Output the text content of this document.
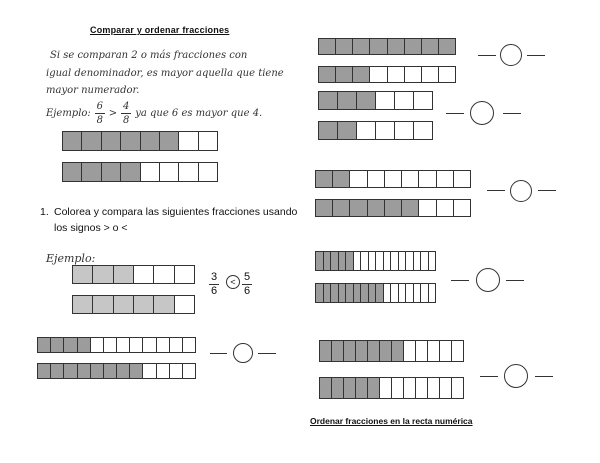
Comparar y ordenar fracciones
Si se comparan 2 o más fracciones con
igual denominador, es mayor aquella que tiene
mayor numerador.
Ejemplo: $\frac{6}{8} > \frac{4}{8}$ ya que 6 es mayor que 4.
1. Colorea y compara las siguientes fracciones usando los signos > o <
Ejemplo:
3
6
< 5
6
Ordenar fracciones en la recta numérica
